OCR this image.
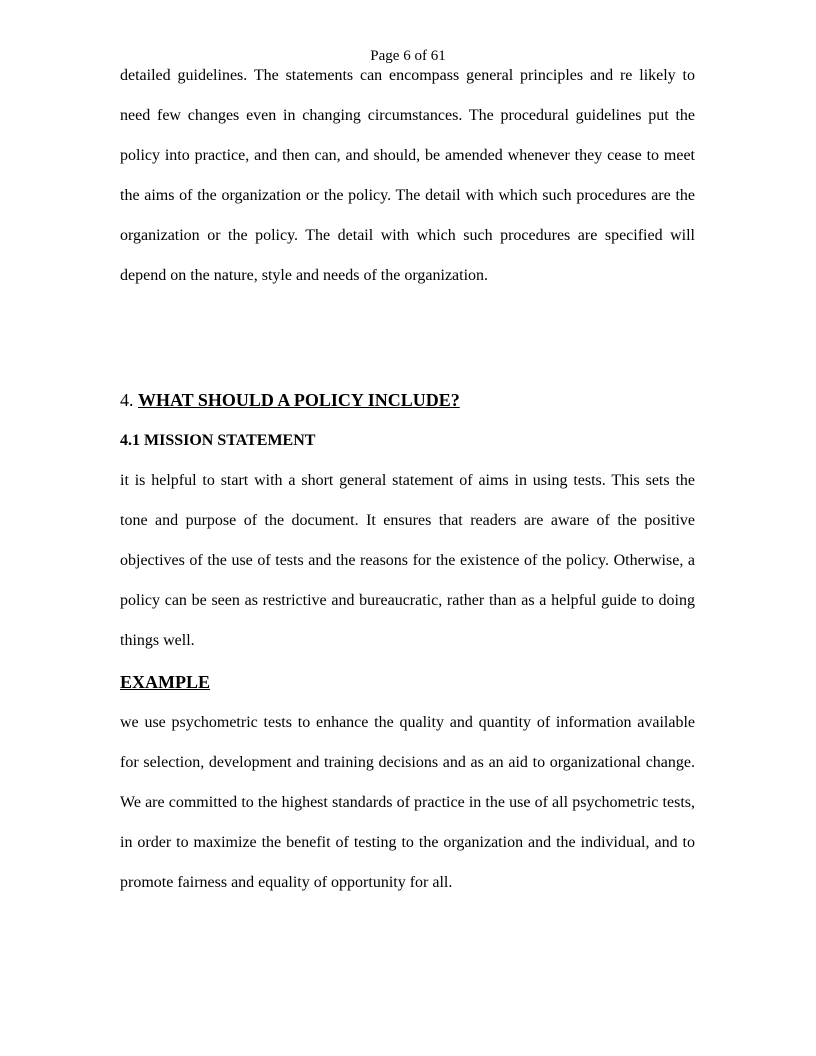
Page 6 of 61

detailed guidelines. The statements can encompass general principles and re likely to need few changes even in changing circumstances. The procedural guidelines put the policy into practice, and then can, and should, be amended whenever they cease to meet the aims of the organization or the policy. The detail with which such procedures are the organization or the policy. The detail with which such procedures are specified will depend on the nature, style and needs of the organization.

4. WHAT SHOULD A POLICY INCLUDE?
4.1 MISSION STATEMENT

it is helpful to start with a short general statement of aims in using tests. This sets the tone and purpose of the document. It ensures that readers are aware of the positive objectives of the use of tests and the reasons for the existence of the policy. Otherwise, a policy can be seen as restrictive and bureaucratic, rather than as a helpful guide to doing things well.

EXAMPLE

we use psychometric tests to enhance the quality and quantity of information available for selection, development and training decisions and as an aid to organizational change. We are committed to the highest standards of practice in the use of all psychometric tests, in order to maximize the benefit of testing to the organization and the individual, and to promote fairness and equality of opportunity for all.
